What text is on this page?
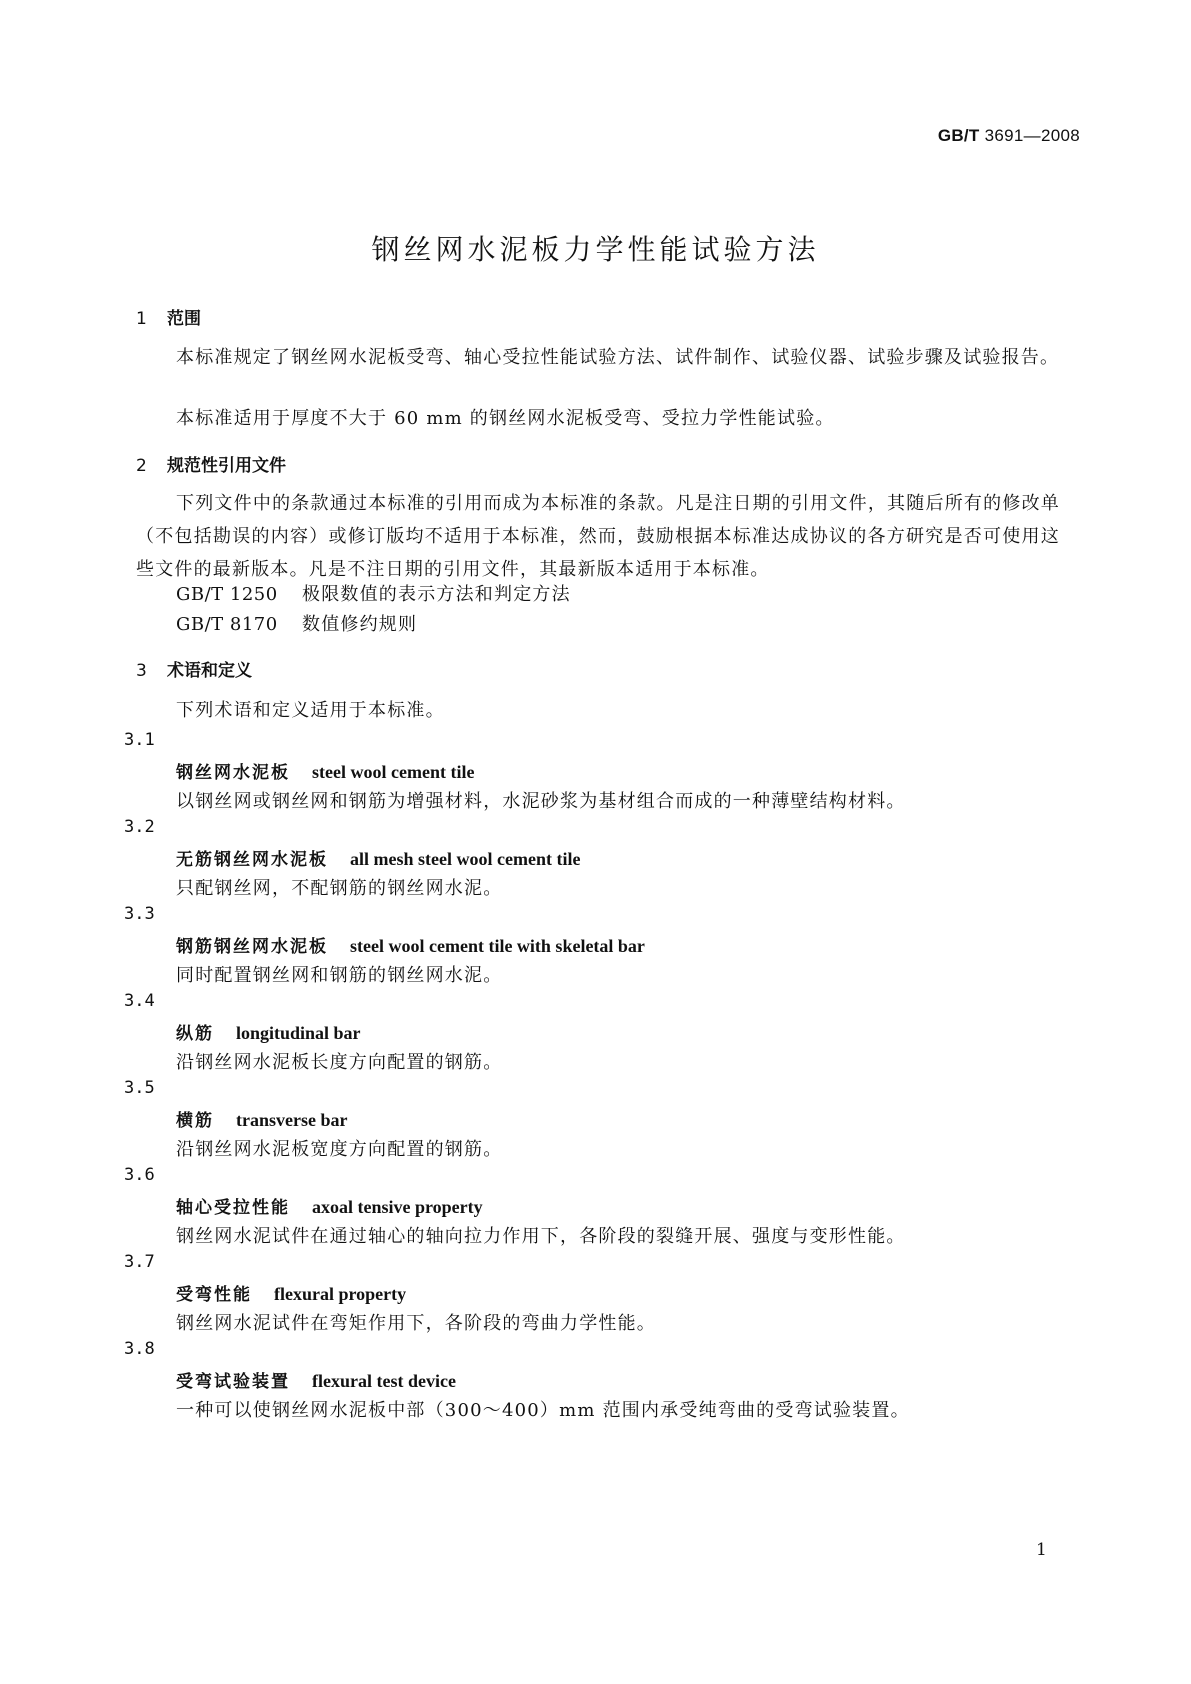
GB/T 3691—2008
钢丝网水泥板力学性能试验方法
1 范围

本标准规定了钢丝网水泥板受弯、轴心受拉性能试验方法、试件制作、试验仪器、试验步骤及试验报告。

本标准适用于厚度不大于 60 mm 的钢丝网水泥板受弯、受拉力学性能试验。

2 规范性引用文件

下列文件中的条款通过本标准的引用而成为本标准的条款。凡是注日期的引用文件，其随后所有的修改单（不包括勘误的内容）或修订版均不适用于本标准，然而，鼓励根据本标准达成协议的各方研究是否可使用这些文件的最新版本。凡是不注日期的引用文件，其最新版本适用于本标准。

GB/T 1250 极限数值的表示方法和判定方法
GB/T 8170 数值修约规则
3 术语和定义
下列术语和定义适用于本标准。
3.1
钢丝网水泥板 steel wool cement tile
以钢丝网或钢丝网和钢筋为增强材料，水泥砂浆为基材组合而成的一种薄壁结构材料。
3.2
无筋钢丝网水泥板 all mesh steel wool cement tile
只配钢丝网，不配钢筋的钢丝网水泥。
3.3
钢筋钢丝网水泥板 steel wool cement tile with skeletal bar
同时配置钢丝网和钢筋的钢丝网水泥。
3.4
纵筋 longitudinal bar
沿钢丝网水泥板长度方向配置的钢筋。
3.5
横筋 transverse bar
沿钢丝网水泥板宽度方向配置的钢筋。
3.6
轴心受拉性能 axoal tensive property
钢丝网水泥试件在通过轴心的轴向拉力作用下，各阶段的裂缝开展、强度与变形性能。
3.7
受弯性能 flexural property
钢丝网水泥试件在弯矩作用下，各阶段的弯曲力学性能。
3.8
受弯试验装置 flexural test device
一种可以使钢丝网水泥板中部（300～400）mm 范围内承受纯弯曲的受弯试验装置。
1
